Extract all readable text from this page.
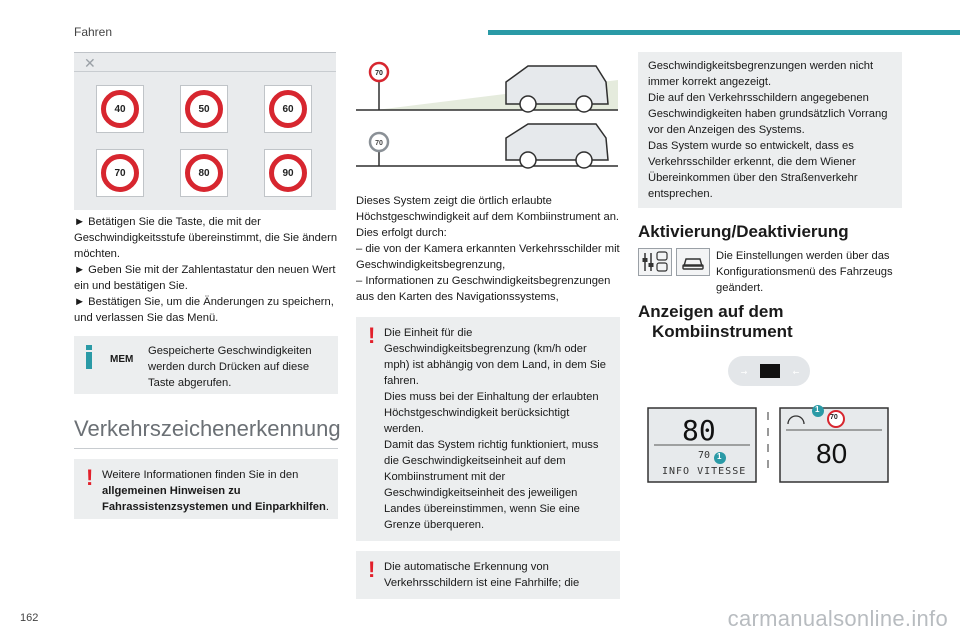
Fahren
✕
40	50	60
70	80	90

► Betätigen Sie die Taste, die mit der Geschwindigkeitsstufe übereinstimmt, die Sie ändern möchten.

► Geben Sie mit der Zahlentastatur den neuen Wert ein und bestätigen Sie.

► Bestätigen Sie, um die Änderungen zu speichern, und verlassen Sie das Menü.

MEM
Gespeicherte Geschwindigkeiten werden durch Drücken auf diese Taste abgerufen.
Verkehrszeichenerkennung
! Weitere Informationen finden Sie in den allgemeinen Hinweisen zu Fahrassistenzsystemen und Einparkhilfen.
70
70

Dieses System zeigt die örtlich erlaubte Höchstgeschwindigkeit auf dem Kombiinstrument an. Dies erfolgt durch:

– die von der Kamera erkannten Verkehrsschilder mit Geschwindigkeitsbegrenzung,

– Informationen zu Geschwindigkeitsbegrenzungen aus den Karten des Navigationssystems,

! Die Einheit für die Geschwindigkeitsbegrenzung (km/h oder mph) ist abhängig von dem Land, in dem Sie fahren.

Dies muss bei der Einhaltung der erlaubten Höchstgeschwindigkeit berücksichtigt werden.

Damit das System richtig funktioniert, muss die Geschwindigkeitseinheit auf dem Kombiinstrument mit der Geschwindigkeitseinheit des jeweiligen Landes übereinstimmen, wenn Sie eine Grenze überqueren.

! Die automatische Erkennung von Verkehrsschildern ist eine Fahrhilfe; die

Geschwindigkeitsbegrenzungen werden nicht immer korrekt angezeigt.

Die auf den Verkehrsschildern angegebenen Geschwindigkeiten haben grundsätzlich Vorrang vor den Anzeigen des Systems.

Das System wurde so entwickelt, dass es Verkehrsschilder erkennt, die dem Wiener Übereinkommen über den Straßenverkehr entsprechen.

Aktivierung/Deaktivierung
Die Einstellungen werden über das Konfigurationsmenü des Fahrzeugs geändert.
Anzeigen auf dem
Kombiinstrument
→	←
80
70
INFO VITESSE
70
80
1
1
162	carmanualsonline.info
